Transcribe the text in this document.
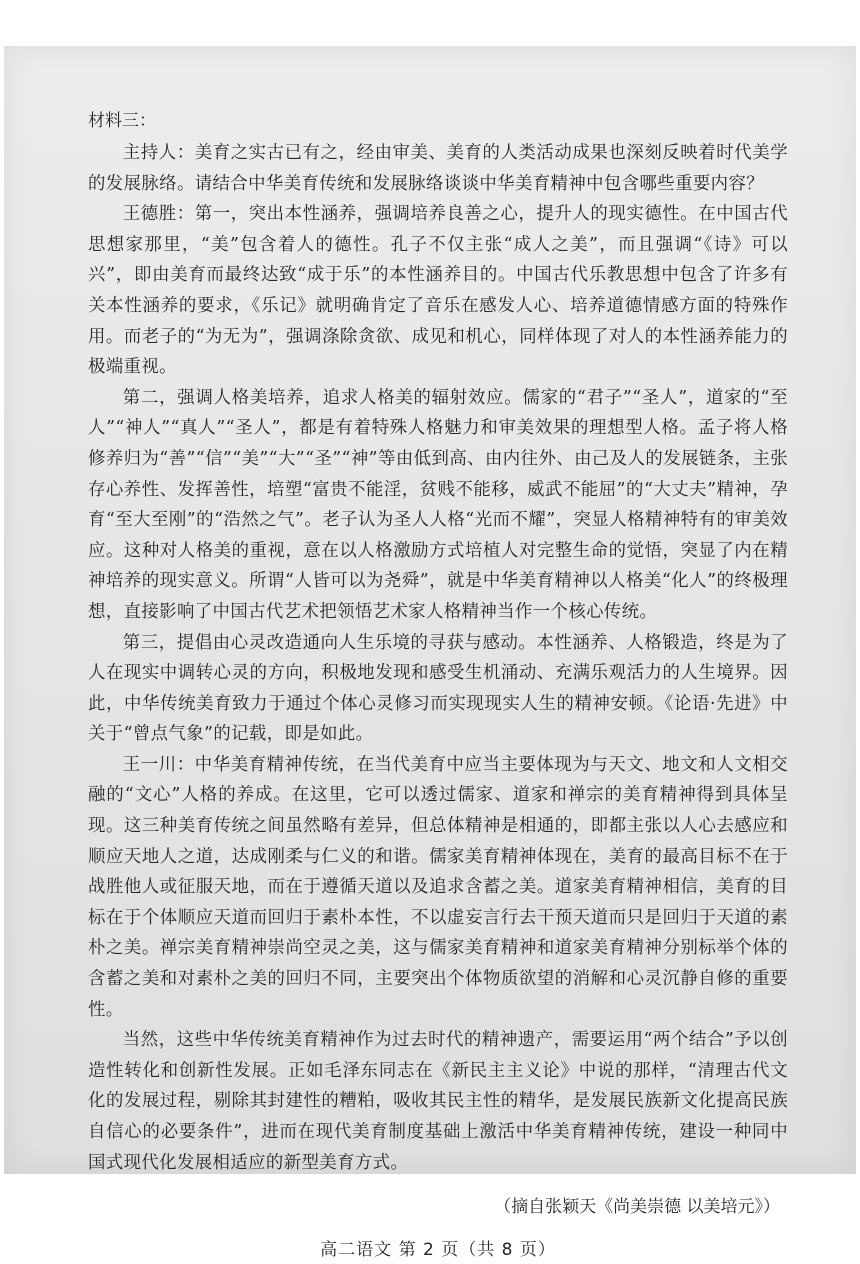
材料三：

主持人：美育之实古已有之，经由审美、美育的人类活动成果也深刻反映着时代美学的发展脉络。请结合中华美育传统和发展脉络谈谈中华美育精神中包含哪些重要内容？

王德胜：第一，突出本性涵养，强调培养良善之心，提升人的现实德性。在中国古代思想家那里，“美”包含着人的德性。孔子不仅主张“成人之美”，而且强调“《诗》可以兴”，即由美育而最终达致“成于乐”的本性涵养目的。中国古代乐教思想中包含了许多有关本性涵养的要求，《乐记》就明确肯定了音乐在感发人心、培养道德情感方面的特殊作用。而老子的“为无为”，强调涤除贪欲、成见和机心，同样体现了对人的本性涵养能力的极端重视。

第二，强调人格美培养，追求人格美的辐射效应。儒家的“君子”“圣人”，道家的“至人”“神人”“真人”“圣人”，都是有着特殊人格魅力和审美效果的理想型人格。孟子将人格修养归为“善”“信”“美”“大”“圣”“神”等由低到高、由内往外、由己及人的发展链条，主张存心养性、发挥善性，培塑“富贵不能淫，贫贱不能移，威武不能屈”的“大丈夫”精神，孕育“至大至刚”的“浩然之气”。老子认为圣人人格“光而不耀”，突显人格精神特有的审美效应。这种对人格美的重视，意在以人格激励方式培植人对完整生命的觉悟，突显了内在精神培养的现实意义。所谓“人皆可以为尧舜”，就是中华美育精神以人格美“化人”的终极理想，直接影响了中国古代艺术把领悟艺术家人格精神当作一个核心传统。

第三，提倡由心灵改造通向人生乐境的寻获与感动。本性涵养、人格锻造，终是为了人在现实中调转心灵的方向，积极地发现和感受生机涌动、充满乐观活力的人生境界。因此，中华传统美育致力于通过个体心灵修习而实现现实人生的精神安顿。《论语·先进》中关于“曾点气象”的记载，即是如此。

王一川：中华美育精神传统，在当代美育中应当主要体现为与天文、地文和人文相交融的“文心”人格的养成。在这里，它可以透过儒家、道家和禅宗的美育精神得到具体呈现。这三种美育传统之间虽然略有差异，但总体精神是相通的，即都主张以人心去感应和顺应天地人之道，达成刚柔与仁义的和谐。儒家美育精神体现在，美育的最高目标不在于战胜他人或征服天地，而在于遵循天道以及追求含蓄之美。道家美育精神相信，美育的目标在于个体顺应天道而回归于素朴本性，不以虚妄言行去干预天道而只是回归于天道的素朴之美。禅宗美育精神崇尚空灵之美，这与儒家美育精神和道家美育精神分别标举个体的含蓄之美和对素朴之美的回归不同，主要突出个体物质欲望的消解和心灵沉静自修的重要性。

当然，这些中华传统美育精神作为过去时代的精神遗产，需要运用“两个结合”予以创造性转化和创新性发展。正如毛泽东同志在《新民主主义论》中说的那样，“清理古代文化的发展过程，剔除其封建性的糟粕，吸收其民主性的精华，是发展民族新文化提高民族自信心的必要条件”，进而在现代美育制度基础上激活中华美育精神传统，建设一种同中国式现代化发展相适应的新型美育方式。

（摘自张颖天《尚美崇德 以美培元》）

高二语文 第 2 页（共 8 页）
